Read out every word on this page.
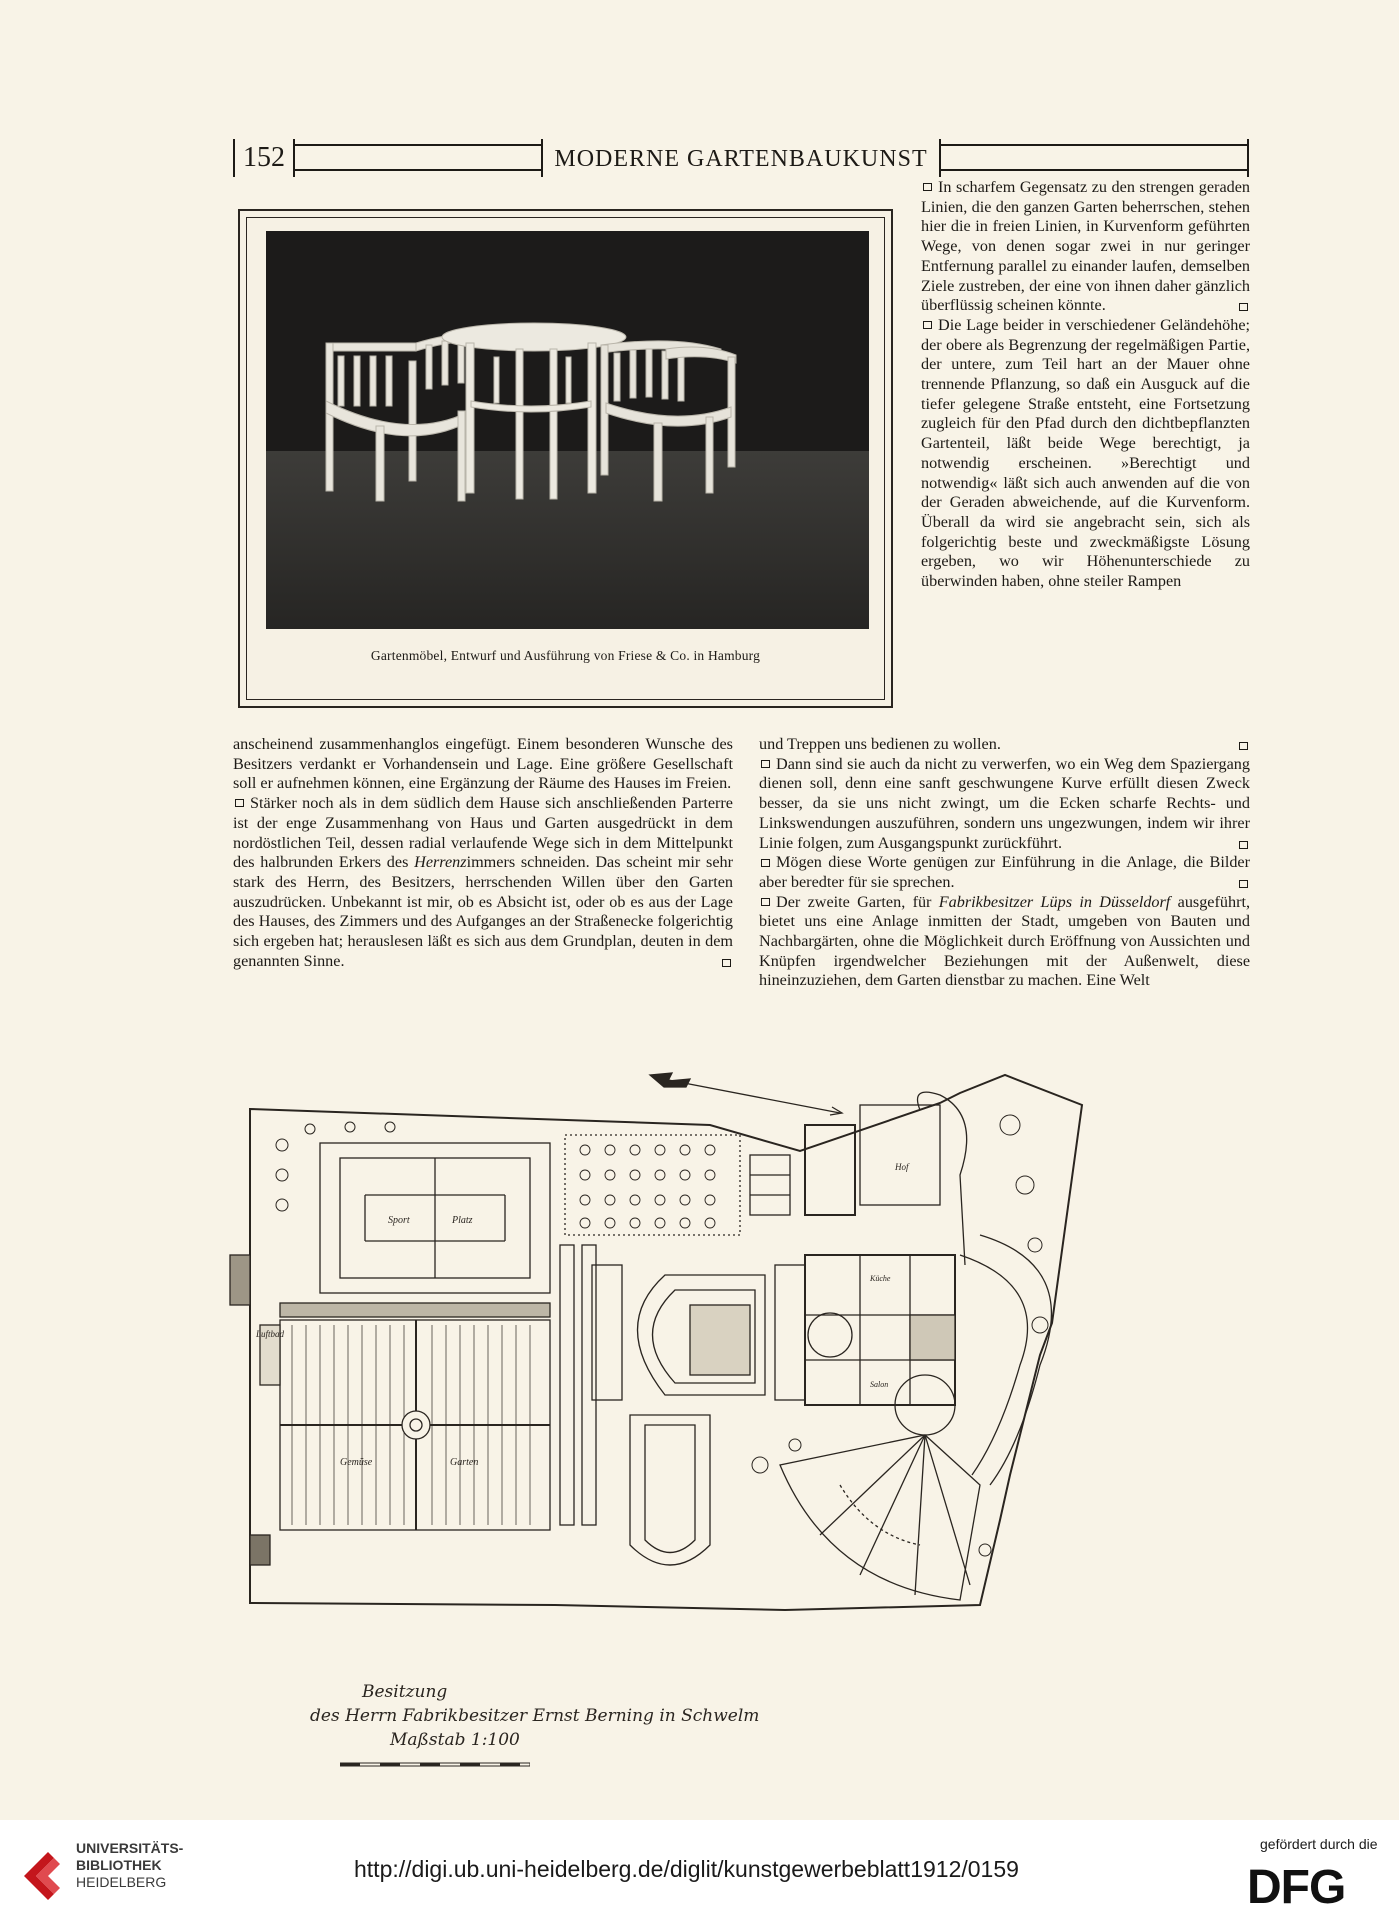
152	MODERNE GARTENBAUKUNST
Gartenmöbel, Entwurf und Ausführung von Friese & Co. in Hamburg

In scharfem Gegensatz zu den strengen geraden Linien, die den ganzen Garten beherrschen, stehen hier die in freien Linien, in Kurvenform geführten Wege, von denen sogar zwei in nur geringer Entfernung parallel zu einander laufen, demselben Ziele zustreben, der eine von ihnen daher gänzlich überflüssig scheinen könnte.

Die Lage beider in verschiedener Geländehöhe; der obere als Begrenzung der regelmäßigen Partie, der untere, zum Teil hart an der Mauer ohne trennende Pflanzung, so daß ein Ausguck auf die tiefer gelegene Straße entsteht, eine Fortsetzung zugleich für den Pfad durch den dichtbepflanzten Gartenteil, läßt beide Wege berechtigt, ja notwendig erscheinen. »Berechtigt und notwendig« läßt sich auch anwenden auf die von der Geraden abweichende, auf die Kurvenform. Überall da wird sie angebracht sein, sich als folgerichtig beste und zweckmäßigste Lösung ergeben, wo wir Höhenunterschiede zu überwinden haben, ohne steiler Rampen

anscheinend zusammenhanglos eingefügt. Einem besonderen Wunsche des Besitzers verdankt er Vorhandensein und Lage. Eine größere Gesellschaft soll er aufnehmen können, eine Ergänzung der Räume des Hauses im Freien.

Stärker noch als in dem südlich dem Hause sich anschließenden Parterre ist der enge Zusammenhang von Haus und Garten ausgedrückt in dem nordöstlichen Teil, dessen radial verlaufende Wege sich in dem Mittelpunkt des halbrunden Erkers des Herrenzimmers schneiden. Das scheint mir sehr stark des Herrn, des Besitzers, herrschenden Willen über den Garten auszudrücken. Unbekannt ist mir, ob es Absicht ist, oder ob es aus der Lage des Hauses, des Zimmers und des Aufganges an der Straßenecke folgerichtig sich ergeben hat; herauslesen läßt es sich aus dem Grundplan, deuten in dem genannten Sinne.

und Treppen uns bedienen zu wollen.

Dann sind sie auch da nicht zu verwerfen, wo ein Weg dem Spaziergang dienen soll, denn eine sanft geschwungene Kurve erfüllt diesen Zweck besser, da sie uns nicht zwingt, um die Ecken scharfe Rechts- und Linkswendungen auszuführen, sondern uns ungezwungen, indem wir ihrer Linie folgen, zum Ausgangspunkt zurückführt.

Mögen diese Worte genügen zur Einführung in die Anlage, die Bilder aber beredter für sie sprechen.

Der zweite Garten, für Fabrikbesitzer Lüps in Düsseldorf ausgeführt, bietet uns eine Anlage inmitten der Stadt, umgeben von Bauten und Nachbargärten, ohne die Möglichkeit durch Eröffnung von Aussichten und Knüpfen irgendwelcher Beziehungen mit der Außenwelt, diese hineinzuziehen, dem Garten dienstbar zu machen. Eine Welt

Sport	Platz
Gemüse	Garten
Luftbad
Küche
Salon
Hof
Besitzung
des Herrn Fabrikbesitzer Ernst Berning in Schwelm
Maßstab 1:100
UNIVERSITÄTS-
BIBLIOTHEK
HEIDELBERG	http://digi.ub.uni-heidelberg.de/diglit/kunstgewerbeblatt1912/0159
gefördert durch die
DFG
